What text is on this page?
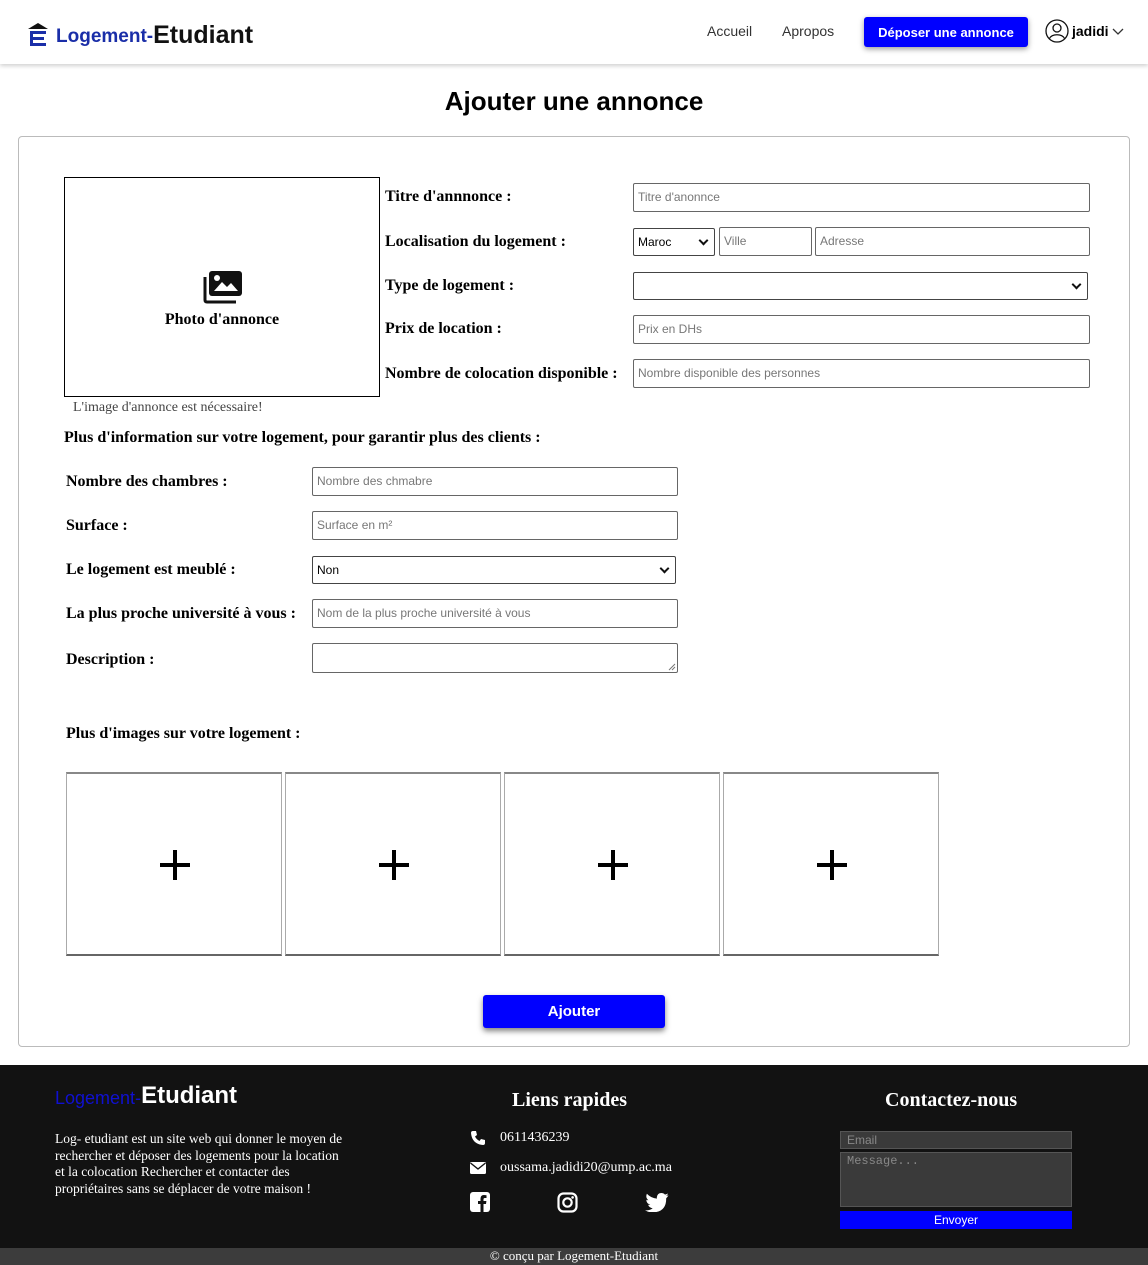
Logement- Etudiant	Accueil Apropos	Déposer une annonce	jadidi
Ajouter une annonce
Photo d'annonce
L'image d'annonce est nécessaire!
Titre d'annnonce :	Titre d'anonnce
Localisation du logement :	Maroc	Ville	Adresse
Type de logement :
Prix de location :	Prix en DHs
Nombre de colocation disponible :	Nombre disponible des personnes
Plus d'information sur votre logement, pour garantir plus des clients :
Nombre des chambres :	Nombre des chmabre
Surface :	Surface en m²
Le logement est meublé :	Non
La plus proche université à vous :	Nom de la plus proche université à vous
Description :
Plus d'images sur votre logement :
Ajouter
Logement- Etudiant
Log- etudiant est un site web qui donner le moyen de rechercher et déposer des logements pour la location et la colocation Rechercher et contacter des propriétaires sans se déplacer de votre maison !
Liens rapides
0611436239
oussama.jadidi20@ump.ac.ma
Contactez-nous
Email
Message...
Envoyer
© conçu par Logement-Etudiant
